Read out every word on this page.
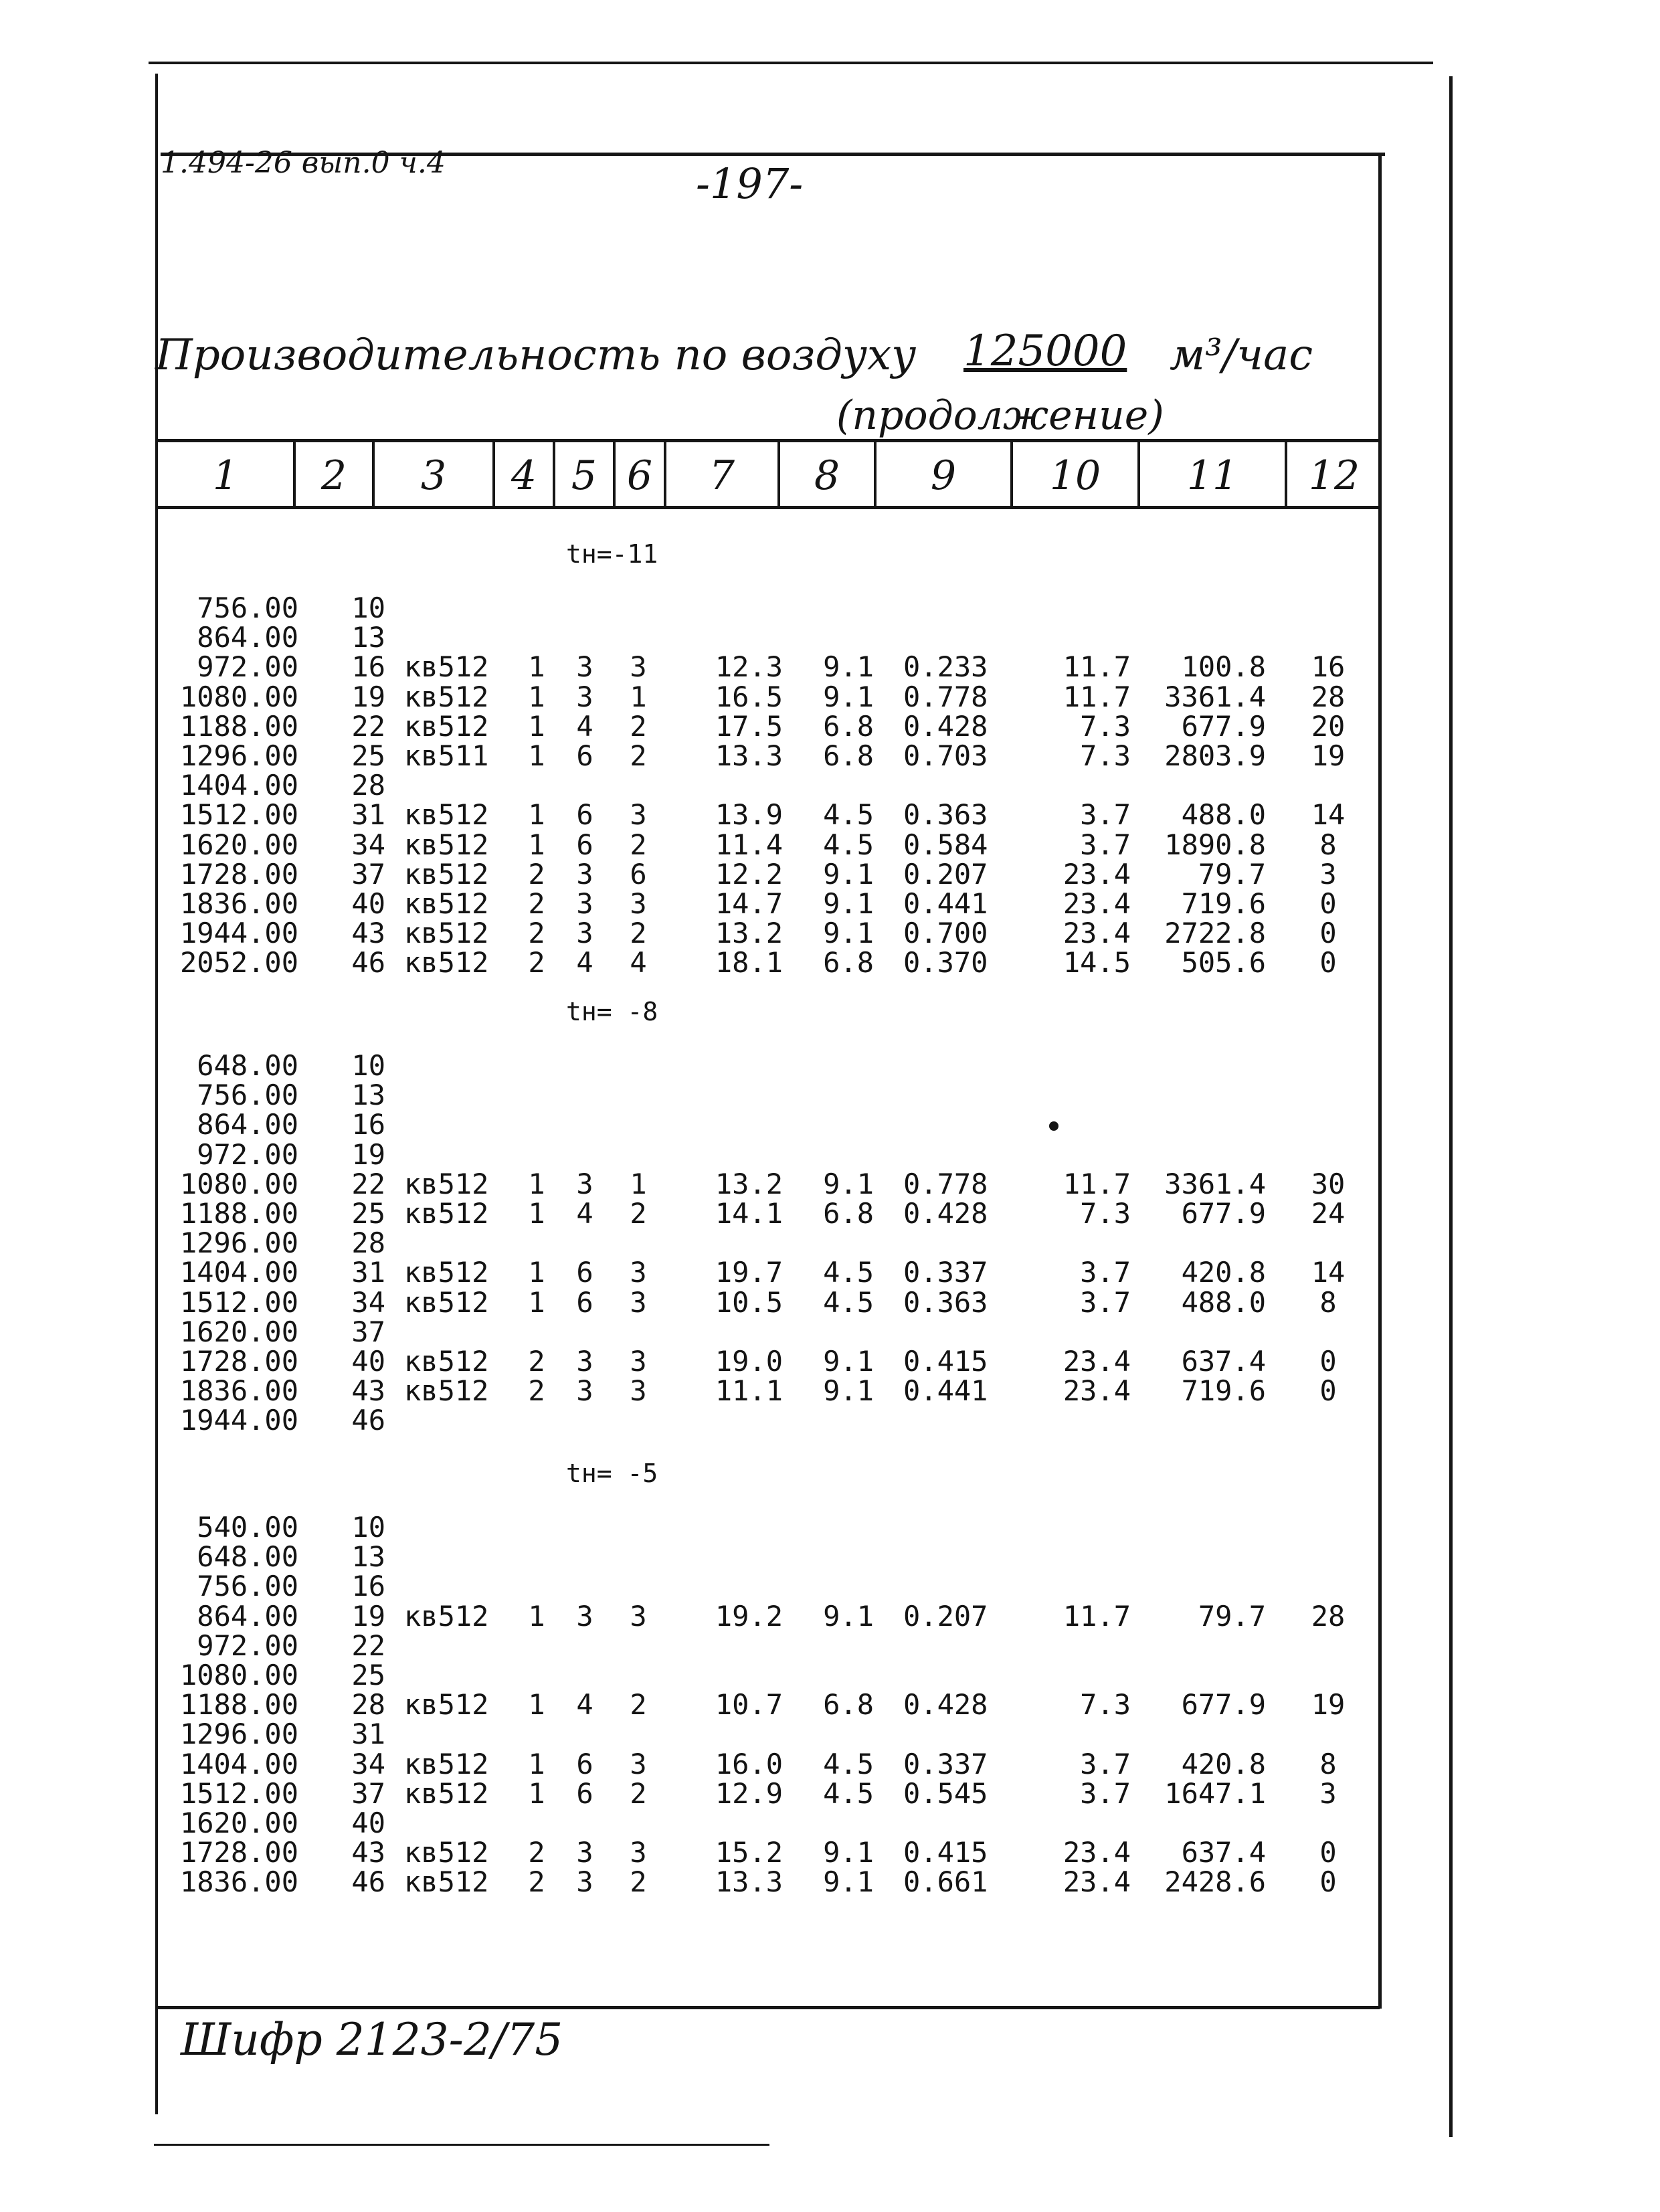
1.494-26 вып.0 ч.4	-197-
Производительность по воздуху 125000 м³/час
(продолжение)
1	2	3	4 5 6	7	8	9	10	11	12
tн=-11
756.00	10
864.00	13
972.00	16 кв512	1 3 3	12.3	9.1 0.233	11.7	100.8	16
1080.00	19 кв512	1 3 1	16.5	9.1 0.778	11.7	3361.4	28
1188.00	22 кв512	1 4 2	17.5	6.8 0.428	7.3	677.9	20
1296.00	25 кв511	1 6 2	13.3	6.8 0.703	7.3	2803.9	19
1404.00	28
1512.00	31 кв512	1 6 3	13.9	4.5 0.363	3.7	488.0	14
1620.00	34 кв512	1 6 2	11.4	4.5 0.584	3.7	1890.8	8
1728.00	37 кв512	2 3 6	12.2	9.1 0.207	23.4	79.7	3
1836.00	40 кв512	2 3 3	14.7	9.1 0.441	23.4	719.6	0
1944.00	43 кв512	2 3 2	13.2	9.1 0.700	23.4	2722.8	0
2052.00	46 кв512	2 4 4	18.1	6.8 0.370	14.5	505.6	0
tн= -8
648.00	10
756.00	13
864.00	16
972.00	19
1080.00	22 кв512	1 3 1	13.2	9.1 0.778	11.7	3361.4	30
1188.00	25 кв512	1 4 2	14.1	6.8 0.428	7.3	677.9	24
1296.00	28
1404.00	31 кв512	1 6 3	19.7	4.5 0.337	3.7	420.8	14
1512.00	34 кв512	1 6 3	10.5	4.5 0.363	3.7	488.0	8
1620.00	37
1728.00	40 кв512	2 3 3	19.0	9.1 0.415	23.4	637.4	0
1836.00	43 кв512	2 3 3	11.1	9.1 0.441	23.4	719.6	0
1944.00	46
tн= -5
540.00	10
648.00	13
756.00	16
864.00	19 кв512	1 3 3	19.2	9.1 0.207	11.7	79.7	28
972.00	22
1080.00	25
1188.00	28 кв512	1 4 2	10.7	6.8 0.428	7.3	677.9	19
1296.00	31
1404.00	34 кв512	1 6 3	16.0	4.5 0.337	3.7	420.8	8
1512.00	37 кв512	1 6 2	12.9	4.5 0.545	3.7	1647.1	3
1620.00	40
1728.00	43 кв512	2 3 3	15.2	9.1 0.415	23.4	637.4	0
1836.00	46 кв512	2 3 2	13.3	9.1 0.661	23.4	2428.6	0
Шифр 2123-2/75
